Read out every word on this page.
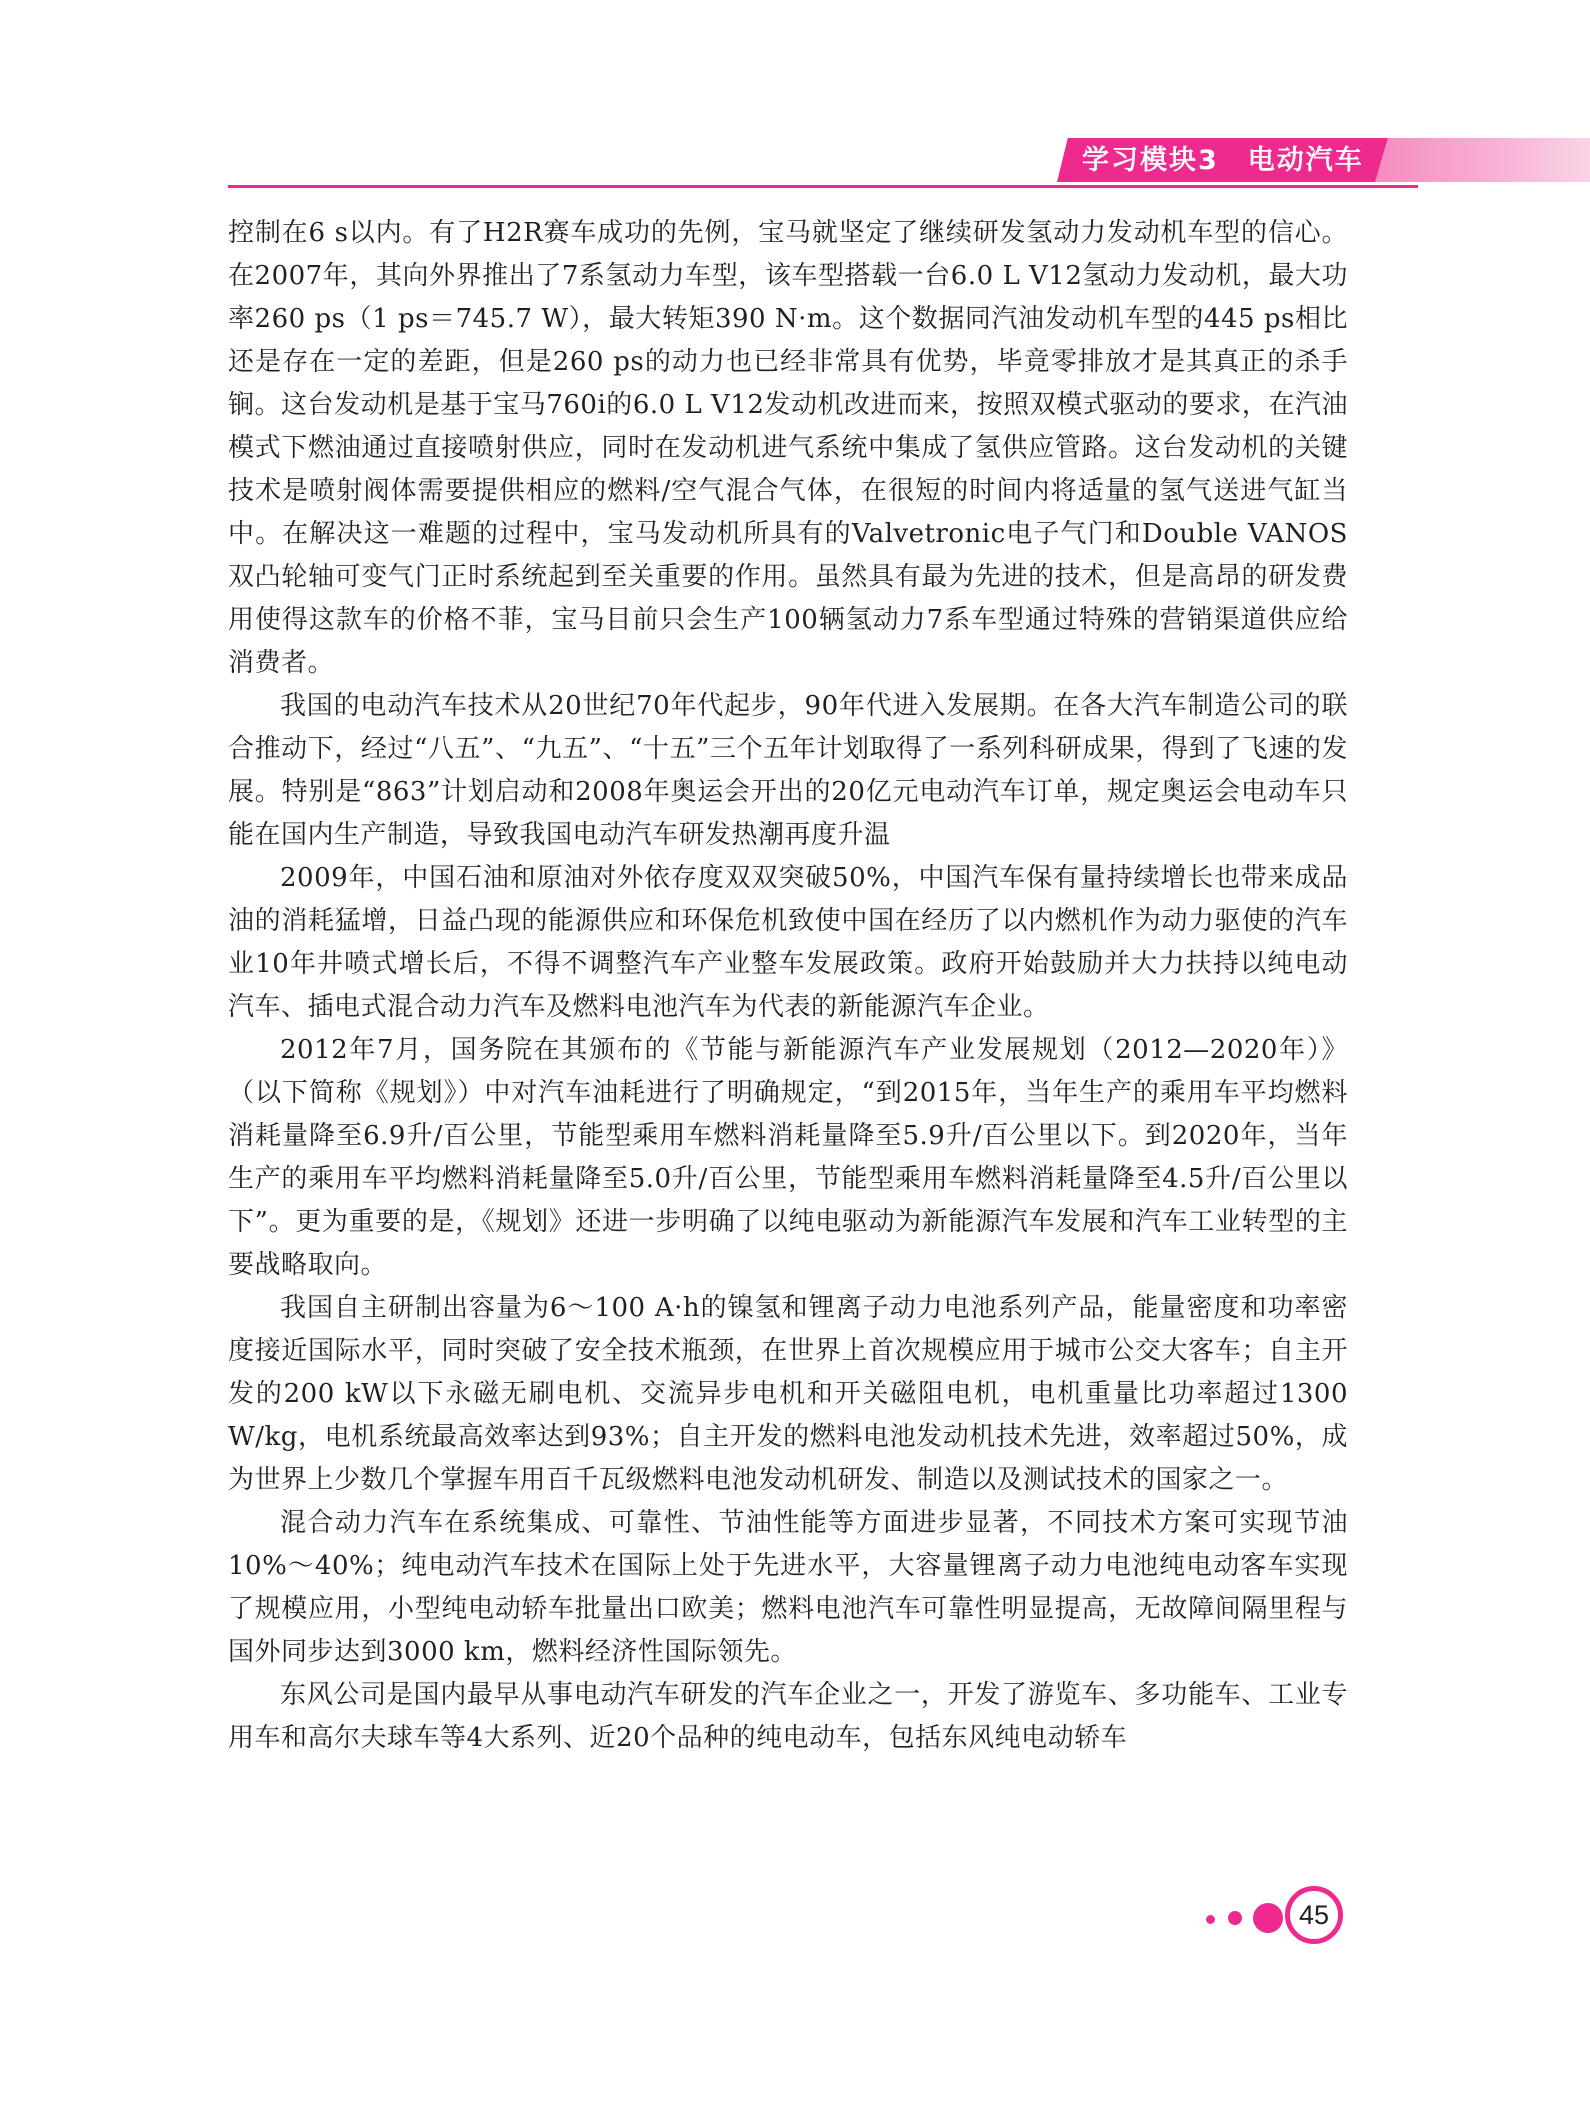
学习模块3　电动汽车

控制在6 s以内。有了H2R赛车成功的先例，宝马就坚定了继续研发氢动力发动机车型的信心。在2007年，其向外界推出了7系氢动力车型，该车型搭载一台6.0 L V12氢动力发动机，最大功率260 ps（1 ps＝745.7 W），最大转矩390 N·m。这个数据同汽油发动机车型的445 ps相比还是存在一定的差距，但是260 ps的动力也已经非常具有优势，毕竟零排放才是其真正的杀手锏。这台发动机是基于宝马760i的6.0 L V12发动机改进而来，按照双模式驱动的要求，在汽油模式下燃油通过直接喷射供应，同时在发动机进气系统中集成了氢供应管路。这台发动机的关键技术是喷射阀体需要提供相应的燃料/空气混合气体，在很短的时间内将适量的氢气送进气缸当中。在解决这一难题的过程中，宝马发动机所具有的Valvetronic电子气门和Double VANOS双凸轮轴可变气门正时系统起到至关重要的作用。虽然具有最为先进的技术，但是高昂的研发费用使得这款车的价格不菲，宝马目前只会生产100辆氢动力7系车型通过特殊的营销渠道供应给消费者。

我国的电动汽车技术从20世纪70年代起步，90年代进入发展期。在各大汽车制造公司的联合推动下，经过“八五”、“九五”、“十五”三个五年计划取得了一系列科研成果，得到了飞速的发展。特别是“863”计划启动和2008年奥运会开出的20亿元电动汽车订单，规定奥运会电动车只能在国内生产制造，导致我国电动汽车研发热潮再度升温

2009年，中国石油和原油对外依存度双双突破50%，中国汽车保有量持续增长也带来成品油的消耗猛增，日益凸现的能源供应和环保危机致使中国在经历了以内燃机作为动力驱使的汽车业10年井喷式增长后，不得不调整汽车产业整车发展政策。政府开始鼓励并大力扶持以纯电动汽车、插电式混合动力汽车及燃料电池汽车为代表的新能源汽车企业。

2012年7月，国务院在其颁布的《节能与新能源汽车产业发展规划（2012—2020年）》（以下简称《规划》）中对汽车油耗进行了明确规定，“到2015年，当年生产的乘用车平均燃料消耗量降至6.9升/百公里，节能型乘用车燃料消耗量降至5.9升/百公里以下。到2020年，当年生产的乘用车平均燃料消耗量降至5.0升/百公里，节能型乘用车燃料消耗量降至4.5升/百公里以下”。更为重要的是，《规划》还进一步明确了以纯电驱动为新能源汽车发展和汽车工业转型的主要战略取向。

我国自主研制出容量为6～100 A·h的镍氢和锂离子动力电池系列产品，能量密度和功率密度接近国际水平，同时突破了安全技术瓶颈，在世界上首次规模应用于城市公交大客车；自主开发的200 kW以下永磁无刷电机、交流异步电机和开关磁阻电机，电机重量比功率超过1300 W/kg，电机系统最高效率达到93%；自主开发的燃料电池发动机技术先进，效率超过50%，成为世界上少数几个掌握车用百千瓦级燃料电池发动机研发、制造以及测试技术的国家之一。

混合动力汽车在系统集成、可靠性、节油性能等方面进步显著，不同技术方案可实现节油10%～40%；纯电动汽车技术在国际上处于先进水平，大容量锂离子动力电池纯电动客车实现了规模应用，小型纯电动轿车批量出口欧美；燃料电池汽车可靠性明显提高，无故障间隔里程与国外同步达到3000 km，燃料经济性国际领先。

东风公司是国内最早从事电动汽车研发的汽车企业之一，开发了游览车、多功能车、工业专用车和高尔夫球车等4大系列、近20个品种的纯电动车，包括东风纯电动轿车

45
